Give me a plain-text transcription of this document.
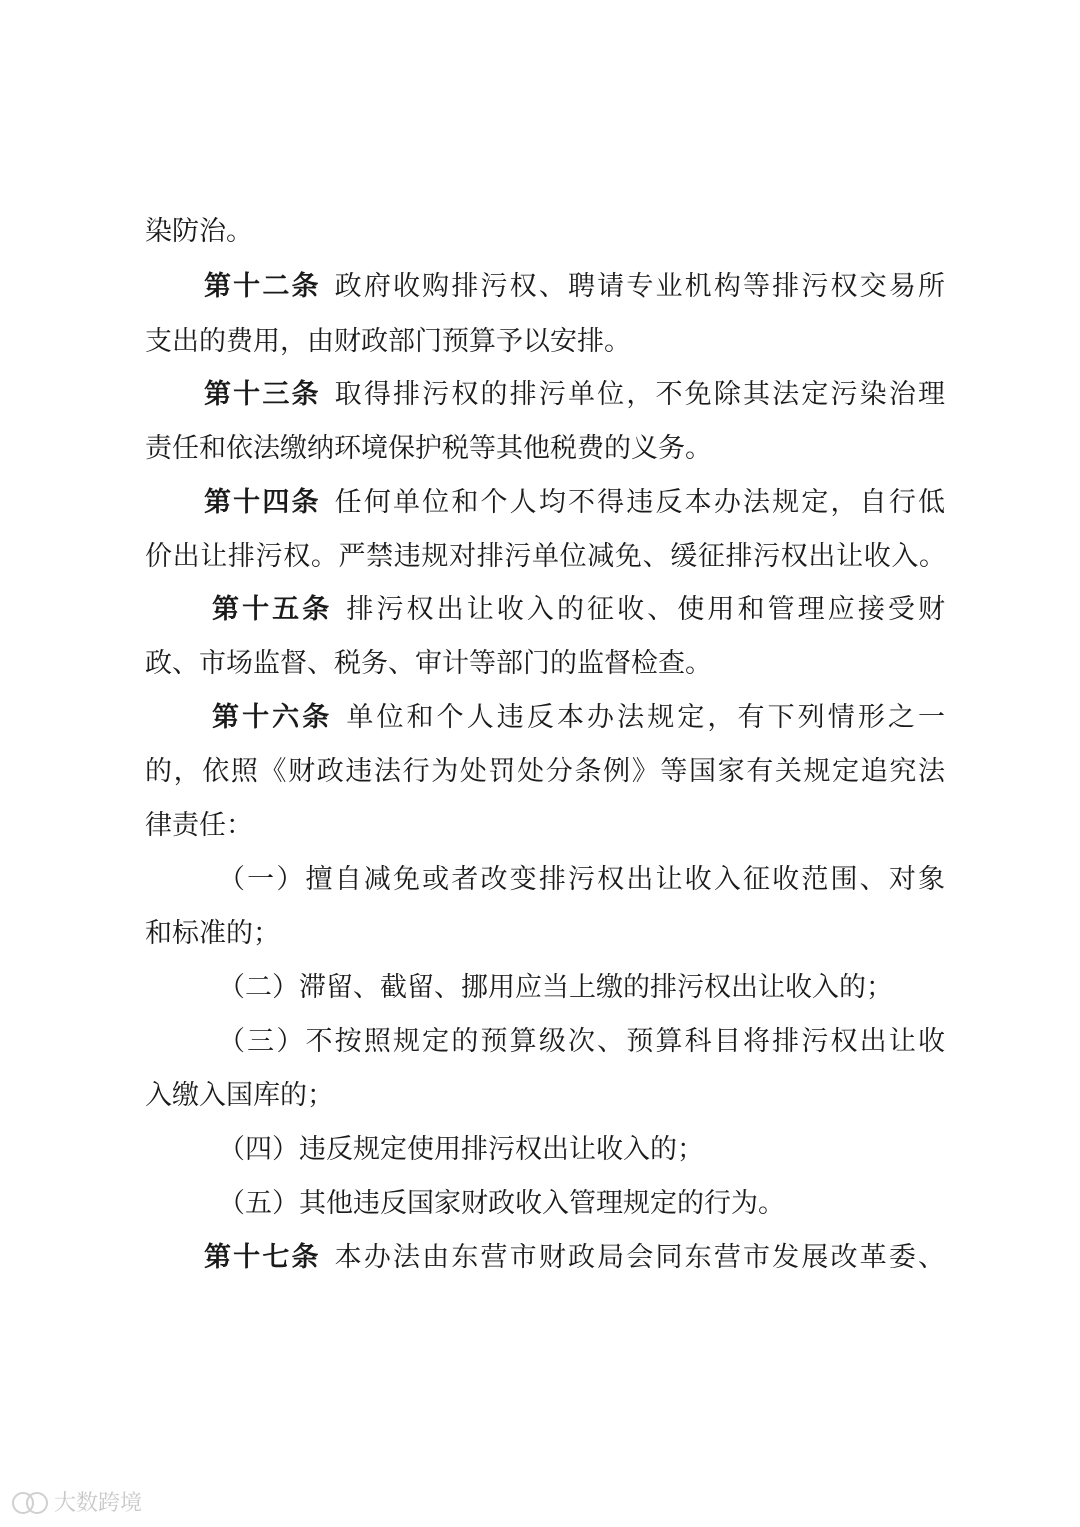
染防治。
第十二条 政府收购排污权、聘请专业机构等排污权交易所
支出的费用，由财政部门预算予以安排。
第十三条 取得排污权的排污单位，不免除其法定污染治理
责任和依法缴纳环境保护税等其他税费的义务。
第十四条 任何单位和个人均不得违反本办法规定，自行低
价出让排污权。严禁违规对排污单位减免、缓征排污权出让收入。
第十五条 排污权出让收入的征收、使用和管理应接受财
政、市场监督、税务、审计等部门的监督检查。
第十六条 单位和个人违反本办法规定，有下列情形之一
的，依照《财政违法行为处罚处分条例》等国家有关规定追究法
律责任：
（一）擅自减免或者改变排污权出让收入征收范围、对象
和标准的；
（二）滞留、截留、挪用应当上缴的排污权出让收入的；
（三）不按照规定的预算级次、预算科目将排污权出让收
入缴入国库的；
（四）违反规定使用排污权出让收入的；
（五）其他违反国家财政收入管理规定的行为。
第十七条 本办法由东营市财政局会同东营市发展改革委、
大数跨境
